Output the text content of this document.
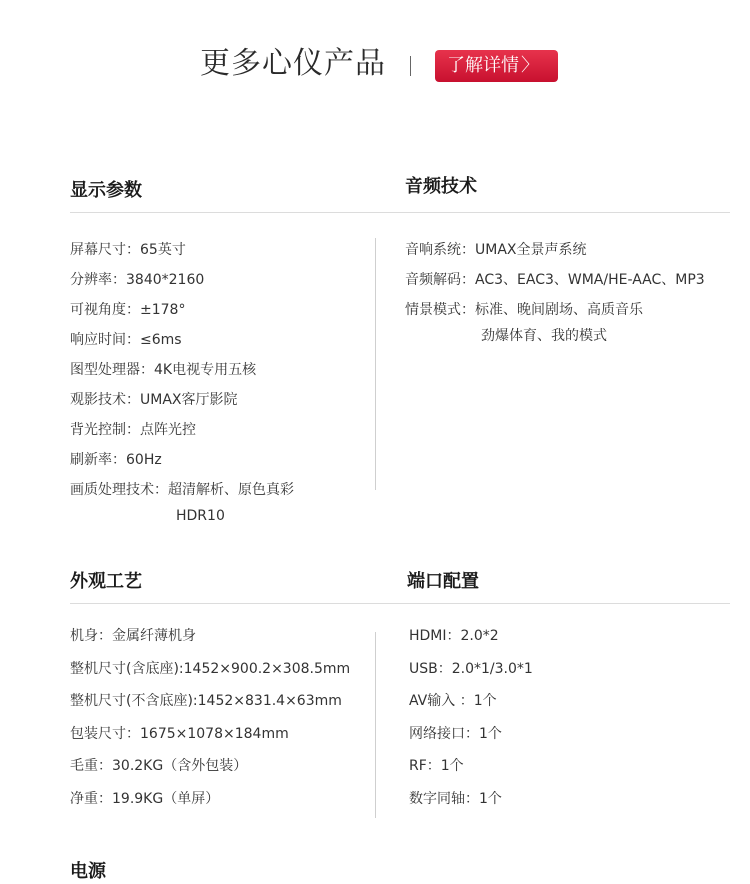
更多心仪产品	了解详情 〉
显示参数	音频技术
屏幕尺寸：65英寸
分辨率：3840*2160
可视角度：±178°
响应时间：≤6ms
图型处理器：4K电视专用五核
观影技术：UMAX客厅影院
背光控制：点阵光控
刷新率：60Hz
画质处理技术：超清解析、原色真彩
HDR10
音响系统：UMAX全景声系统
音频解码：AC3、EAC3、WMA/HE-AAC、MP3
情景模式：标准、晚间剧场、高质音乐
劲爆体育、我的模式
外观工艺	端口配置
机身：金属纤薄机身
整机尺寸(含底座):1452×900.2×308.5mm
整机尺寸(不含底座):1452×831.4×63mm
包装尺寸：1675×1078×184mm
毛重：30.2KG（含外包装）
净重：19.9KG（单屏）
HDMI：2.0*2
USB：2.0*1/3.0*1
AV输入 ：1个
网络接口：1个
RF：1个
数字同轴：1个
电源
